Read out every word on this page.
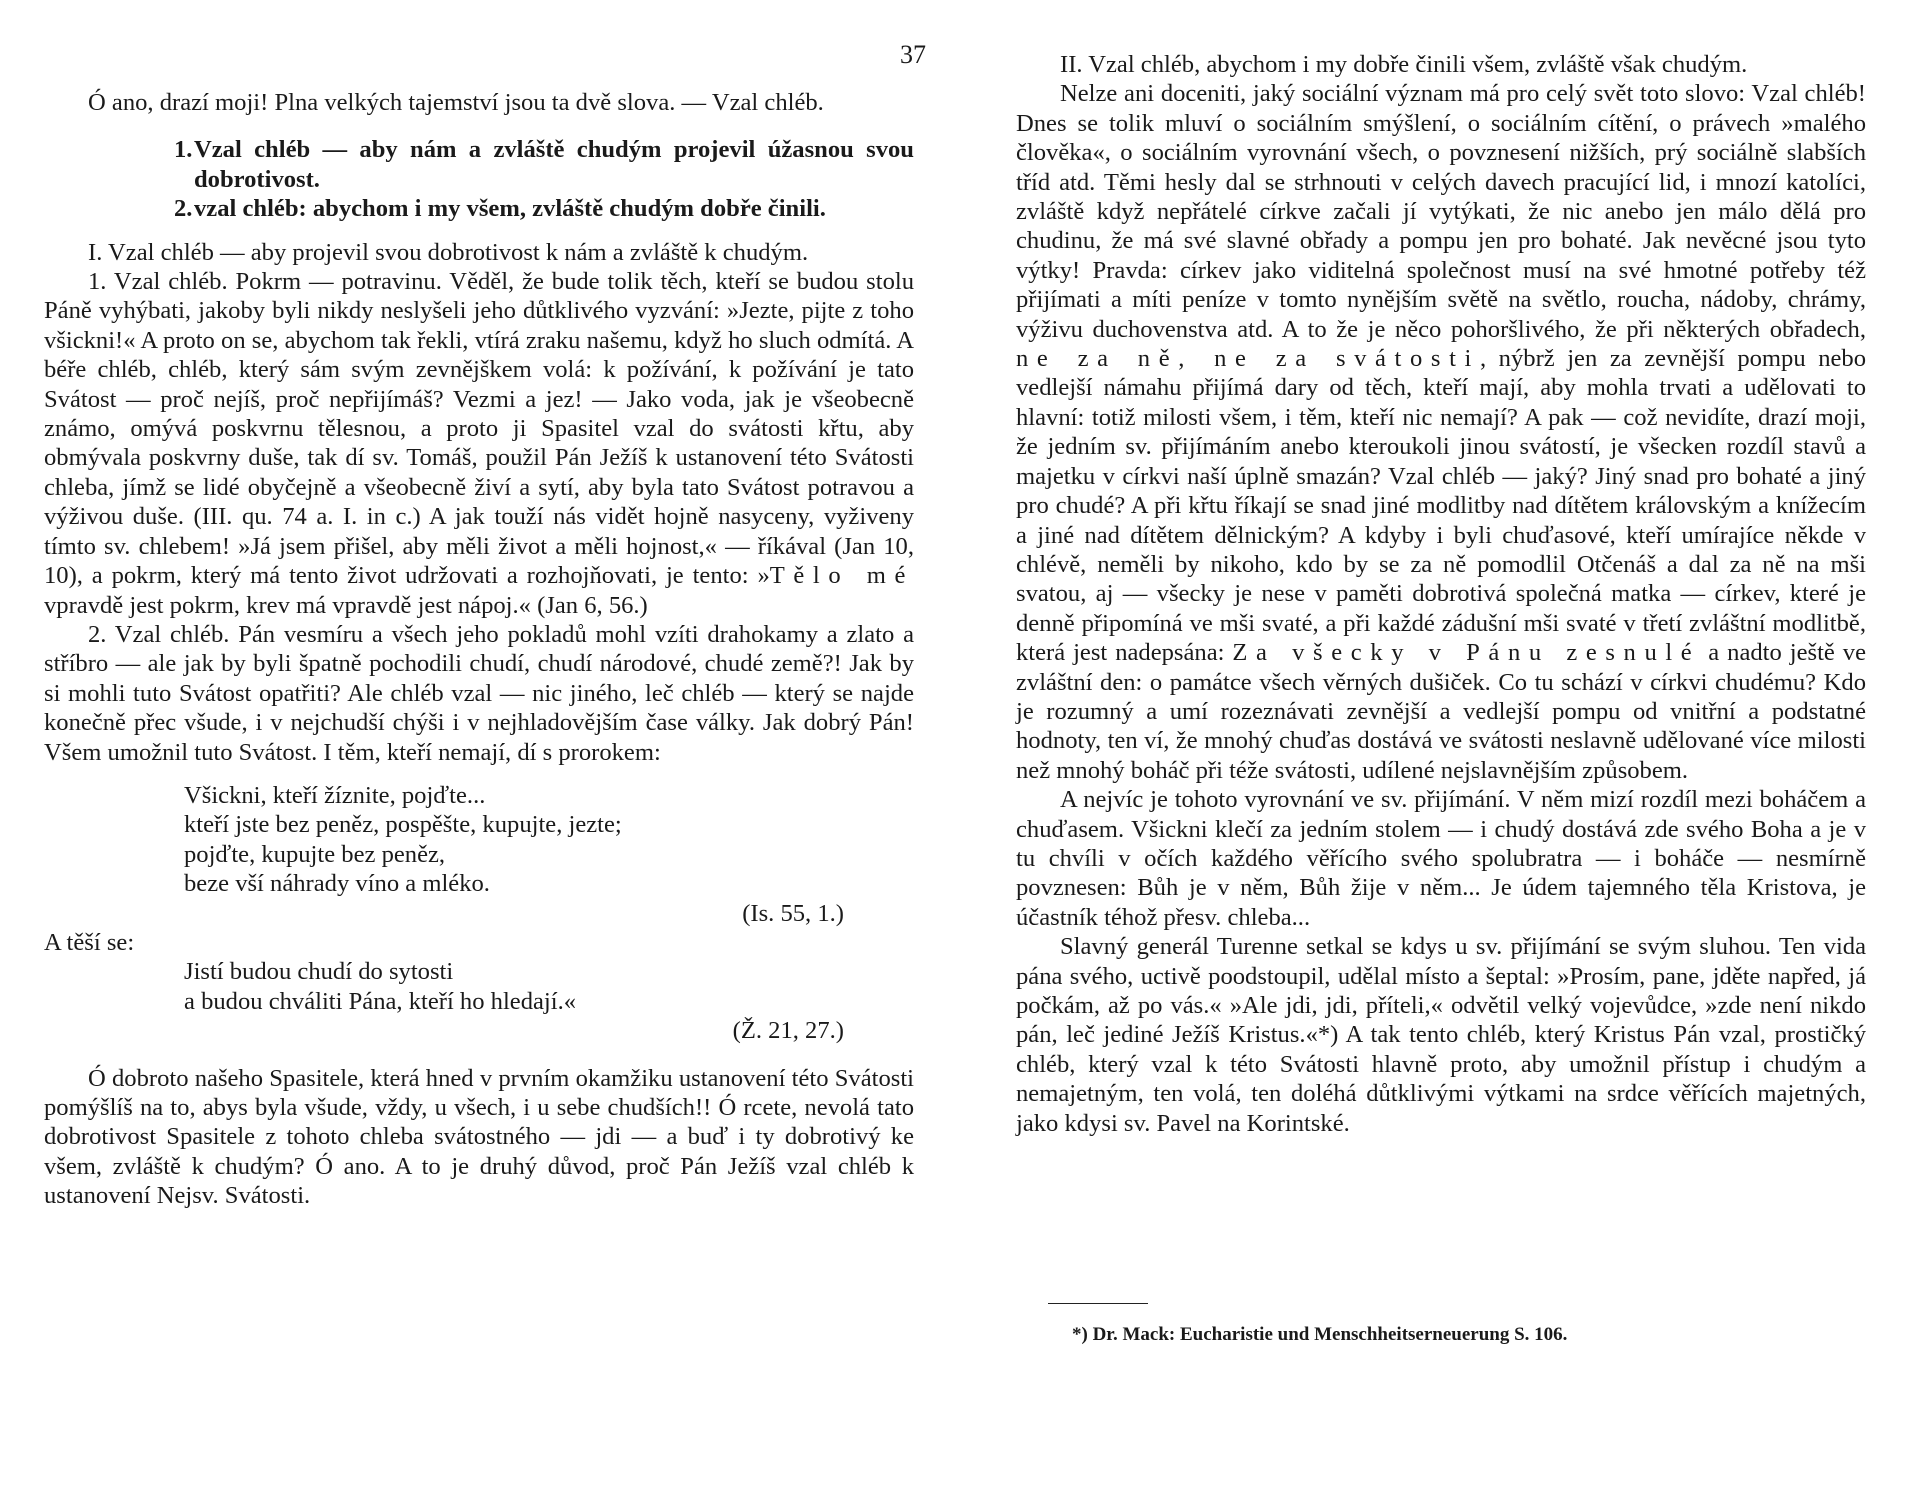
37

Ó ano, drazí moji! Plna velkých tajemství jsou ta dvě slova. — Vzal chléb.

1. Vzal chléb — aby nám a zvláště chudým projevil úžasnou svou dobrotivost.
2. vzal chléb: abychom i my všem, zvláště chudým dobře činili.

I. Vzal chléb — aby projevil svou dobrotivost k nám a zvláště k chudým.

1. Vzal chléb. Pokrm — potravinu. Věděl, že bude tolik těch, kteří se budou stolu Páně vyhýbati, jakoby byli nikdy neslyšeli jeho důtklivého vyzvání: »Jezte, pijte z toho všickni!« A proto on se, abychom tak řekli, vtírá zraku našemu, když ho sluch odmítá. A béře chléb, chléb, který sám svým zevnějškem volá: k požívání, k požívání je tato Svátost — proč nejíš, proč nepřijímáš? Vezmi a jez! — Jako voda, jak je všeobecně známo, omývá poskvrnu tělesnou, a proto ji Spasitel vzal do svátosti křtu, aby obmývala poskvrny duše, tak dí sv. Tomáš, použil Pán Ježíš k ustanovení této Svátosti chleba, jímž se lidé obyčejně a všeobecně živí a sytí, aby byla tato Svátost potravou a výživou duše. (III. qu. 74 a. I. in c.) A jak touží nás vidět hojně nasyceny, vyživeny tímto sv. chlebem! »Já jsem přišel, aby měli život a měli hojnost,« — říkával (Jan 10, 10), a pokrm, který má tento život udržovati a rozhojňovati, je tento: »Tělo mé vpravdě jest pokrm, krev má vpravdě jest nápoj.« (Jan 6, 56.)

2. Vzal chléb. Pán vesmíru a všech jeho pokladů mohl vzíti drahokamy a zlato a stříbro — ale jak by byli špatně pochodili chudí, chudí národové, chudé země?! Jak by si mohli tuto Svátost opatřiti? Ale chléb vzal — nic jiného, leč chléb — který se najde konečně přec všude, i v nejchudší chýši i v nejhladovějším čase války. Jak dobrý Pán! Všem umožnil tuto Svátost. I těm, kteří nemají, dí s prorokem:

Všickni, kteří žíznite, pojďte...
kteří jste bez peněz, pospěšte, kupujte, jezte;
pojďte, kupujte bez peněz,
beze vší náhrady víno a mléko.
(Is. 55, 1.)
A těší se:
Jistí budou chudí do sytosti
a budou chváliti Pána, kteří ho hledají.«
(Ž. 21, 27.)

Ó dobroto našeho Spasitele, která hned v prvním okamžiku ustanovení této Svátosti pomýšlíš na to, abys byla všude, vždy, u všech, i u sebe chudších!! Ó rcete, nevolá tato dobrotivost Spasitele z tohoto chleba svátostného — jdi — a buď i ty dobrotivý ke všem, zvláště k chudým? Ó ano. A to je druhý důvod, proč Pán Ježíš vzal chléb k ustanovení Nejsv. Svátosti.

II. Vzal chléb, abychom i my dobře činili všem, zvláště však chudým.

Nelze ani doceniti, jaký sociální význam má pro celý svět toto slovo: Vzal chléb! Dnes se tolik mluví o sociálním smýšlení, o sociálním cítění, o právech »malého člověka«, o sociálním vyrovnání všech, o povznesení nižších, prý sociálně slabších tříd atd. Těmi hesly dal se strhnouti v celých davech pracující lid, i mnozí katolíci, zvláště když nepřátelé církve začali jí vytýkati, že nic anebo jen málo dělá pro chudinu, že má své slavné obřady a pompu jen pro bohaté. Jak nevěcné jsou tyto výtky! Pravda: církev jako viditelná společnost musí na své hmotné potřeby též přijímati a míti peníze v tomto nynějším světě na světlo, roucha, nádoby, chrámy, výživu duchovenstva atd. A to že je něco pohoršlivého, že při některých obřadech, ne za ně, ne za svátosti, nýbrž jen za zevnější pompu nebo vedlejší námahu přijímá dary od těch, kteří mají, aby mohla trvati a udělovati to hlavní: totiž milosti všem, i těm, kteří nic nemají? A pak — což nevidíte, drazí moji, že jedním sv. přijímáním anebo kteroukoli jinou svátostí, je všecken rozdíl stavů a majetku v církvi naší úplně smazán? Vzal chléb — jaký? Jiný snad pro bohaté a jiný pro chudé? A při křtu říkají se snad jiné modlitby nad dítětem královským a knížecím a jiné nad dítětem dělnickým? A kdyby i byli chuďasové, kteří umírajíce někde v chlévě, neměli by nikoho, kdo by se za ně pomodlil Otčenáš a dal za ně na mši svatou, aj — všecky je nese v paměti dobrotivá společná matka — církev, které je denně připomíná ve mši svaté, a při každé zádušní mši svaté v třetí zvláštní modlitbě, která jest nadepsána: Za všecky v Pánu zesnulé a nadto ještě ve zvláštní den: o památce všech věrných dušiček. Co tu schází v církvi chudému? Kdo je rozumný a umí rozeznávati zevnější a vedlejší pompu od vnitřní a podstatné hodnoty, ten ví, že mnohý chuďas dostává ve svátosti neslavně udělované více milosti než mnohý boháč při téže svátosti, udílené nejslavnějším způsobem.

A nejvíc je tohoto vyrovnání ve sv. přijímání. V něm mizí rozdíl mezi boháčem a chuďasem. Všickni klečí za jedním stolem — i chudý dostává zde svého Boha a je v tu chvíli v očích každého věřícího svého spolubratra — i boháče — nesmírně povznesen: Bůh je v něm, Bůh žije v něm... Je údem tajemného těla Kristova, je účastník téhož přesv. chleba...

Slavný generál Turenne setkal se kdys u sv. přijímání se svým sluhou. Ten vida pána svého, uctivě poodstoupil, udělal místo a šeptal: »Prosím, pane, jděte napřed, já počkám, až po vás.« »Ale jdi, jdi, příteli,« odvětil velký vojevůdce, »zde není nikdo pán, leč jediné Ježíš Kristus.«*) A tak tento chléb, který Kristus Pán vzal, prostičký chléb, který vzal k této Svátosti hlavně proto, aby umožnil přístup i chudým a nemajetným, ten volá, ten doléhá důtklivými výtkami na srdce věřících majetných, jako kdysi sv. Pavel na Korintské.

*) Dr. Mack: Eucharistie und Menschheitserneuerung S. 106.
